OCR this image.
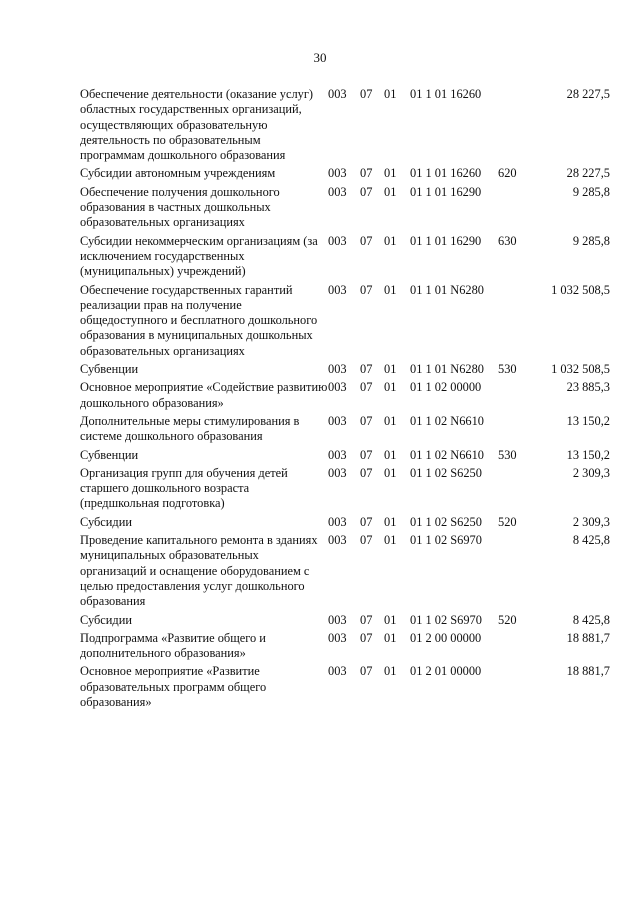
30
Обеспечение деятельности (оказание услуг) областных государственных организаций, осуществляющих образовательную деятельность по образовательным программам дошкольного образования	003	07	01	01 1 01 16260		28 227,5

Субсидии автономным учреждениям	003	07	01	01 1 01 16260	620	28 227,5

Обеспечение получения дошкольного образования в частных дошкольных образовательных организациях	003	07	01	01 1 01 16290		9 285,8

Субсидии некоммерческим организациям (за исключением государственных (муниципальных) учреждений)	003	07	01	01 1 01 16290	630	9 285,8

Обеспечение государственных гарантий реализации прав на получение общедоступного и бесплатного дошкольного образования в муниципальных дошкольных образовательных организациях	003	07	01	01 1 01 N6280		1 032 508,5

Субвенции	003	07	01	01 1 01 N6280	530	1 032 508,5

Основное мероприятие «Содействие развитию дошкольного образования»	003	07	01	01 1 02 00000		23 885,3

Дополнительные меры стимулирования в системе дошкольного образования	003	07	01	01 1 02 N6610		13 150,2

Субвенции	003	07	01	01 1 02 N6610	530	13 150,2

Организация групп для обучения детей старшего дошкольного возраста (предшкольная подготовка)	003	07	01	01 1 02 S6250		2 309,3

Субсидии	003	07	01	01 1 02 S6250	520	2 309,3

Проведение капитального ремонта в зданиях муниципальных образовательных организаций и оснащение оборудованием с целью предоставления услуг дошкольного образования	003	07	01	01 1 02 S6970		8 425,8

Субсидии	003	07	01	01 1 02 S6970	520	8 425,8

Подпрограмма «Развитие общего и дополнительного образования»	003	07	01	01 2 00 00000		18 881,7

Основное мероприятие «Развитие образовательных программ общего образования»	003	07	01	01 2 01 00000		18 881,7
